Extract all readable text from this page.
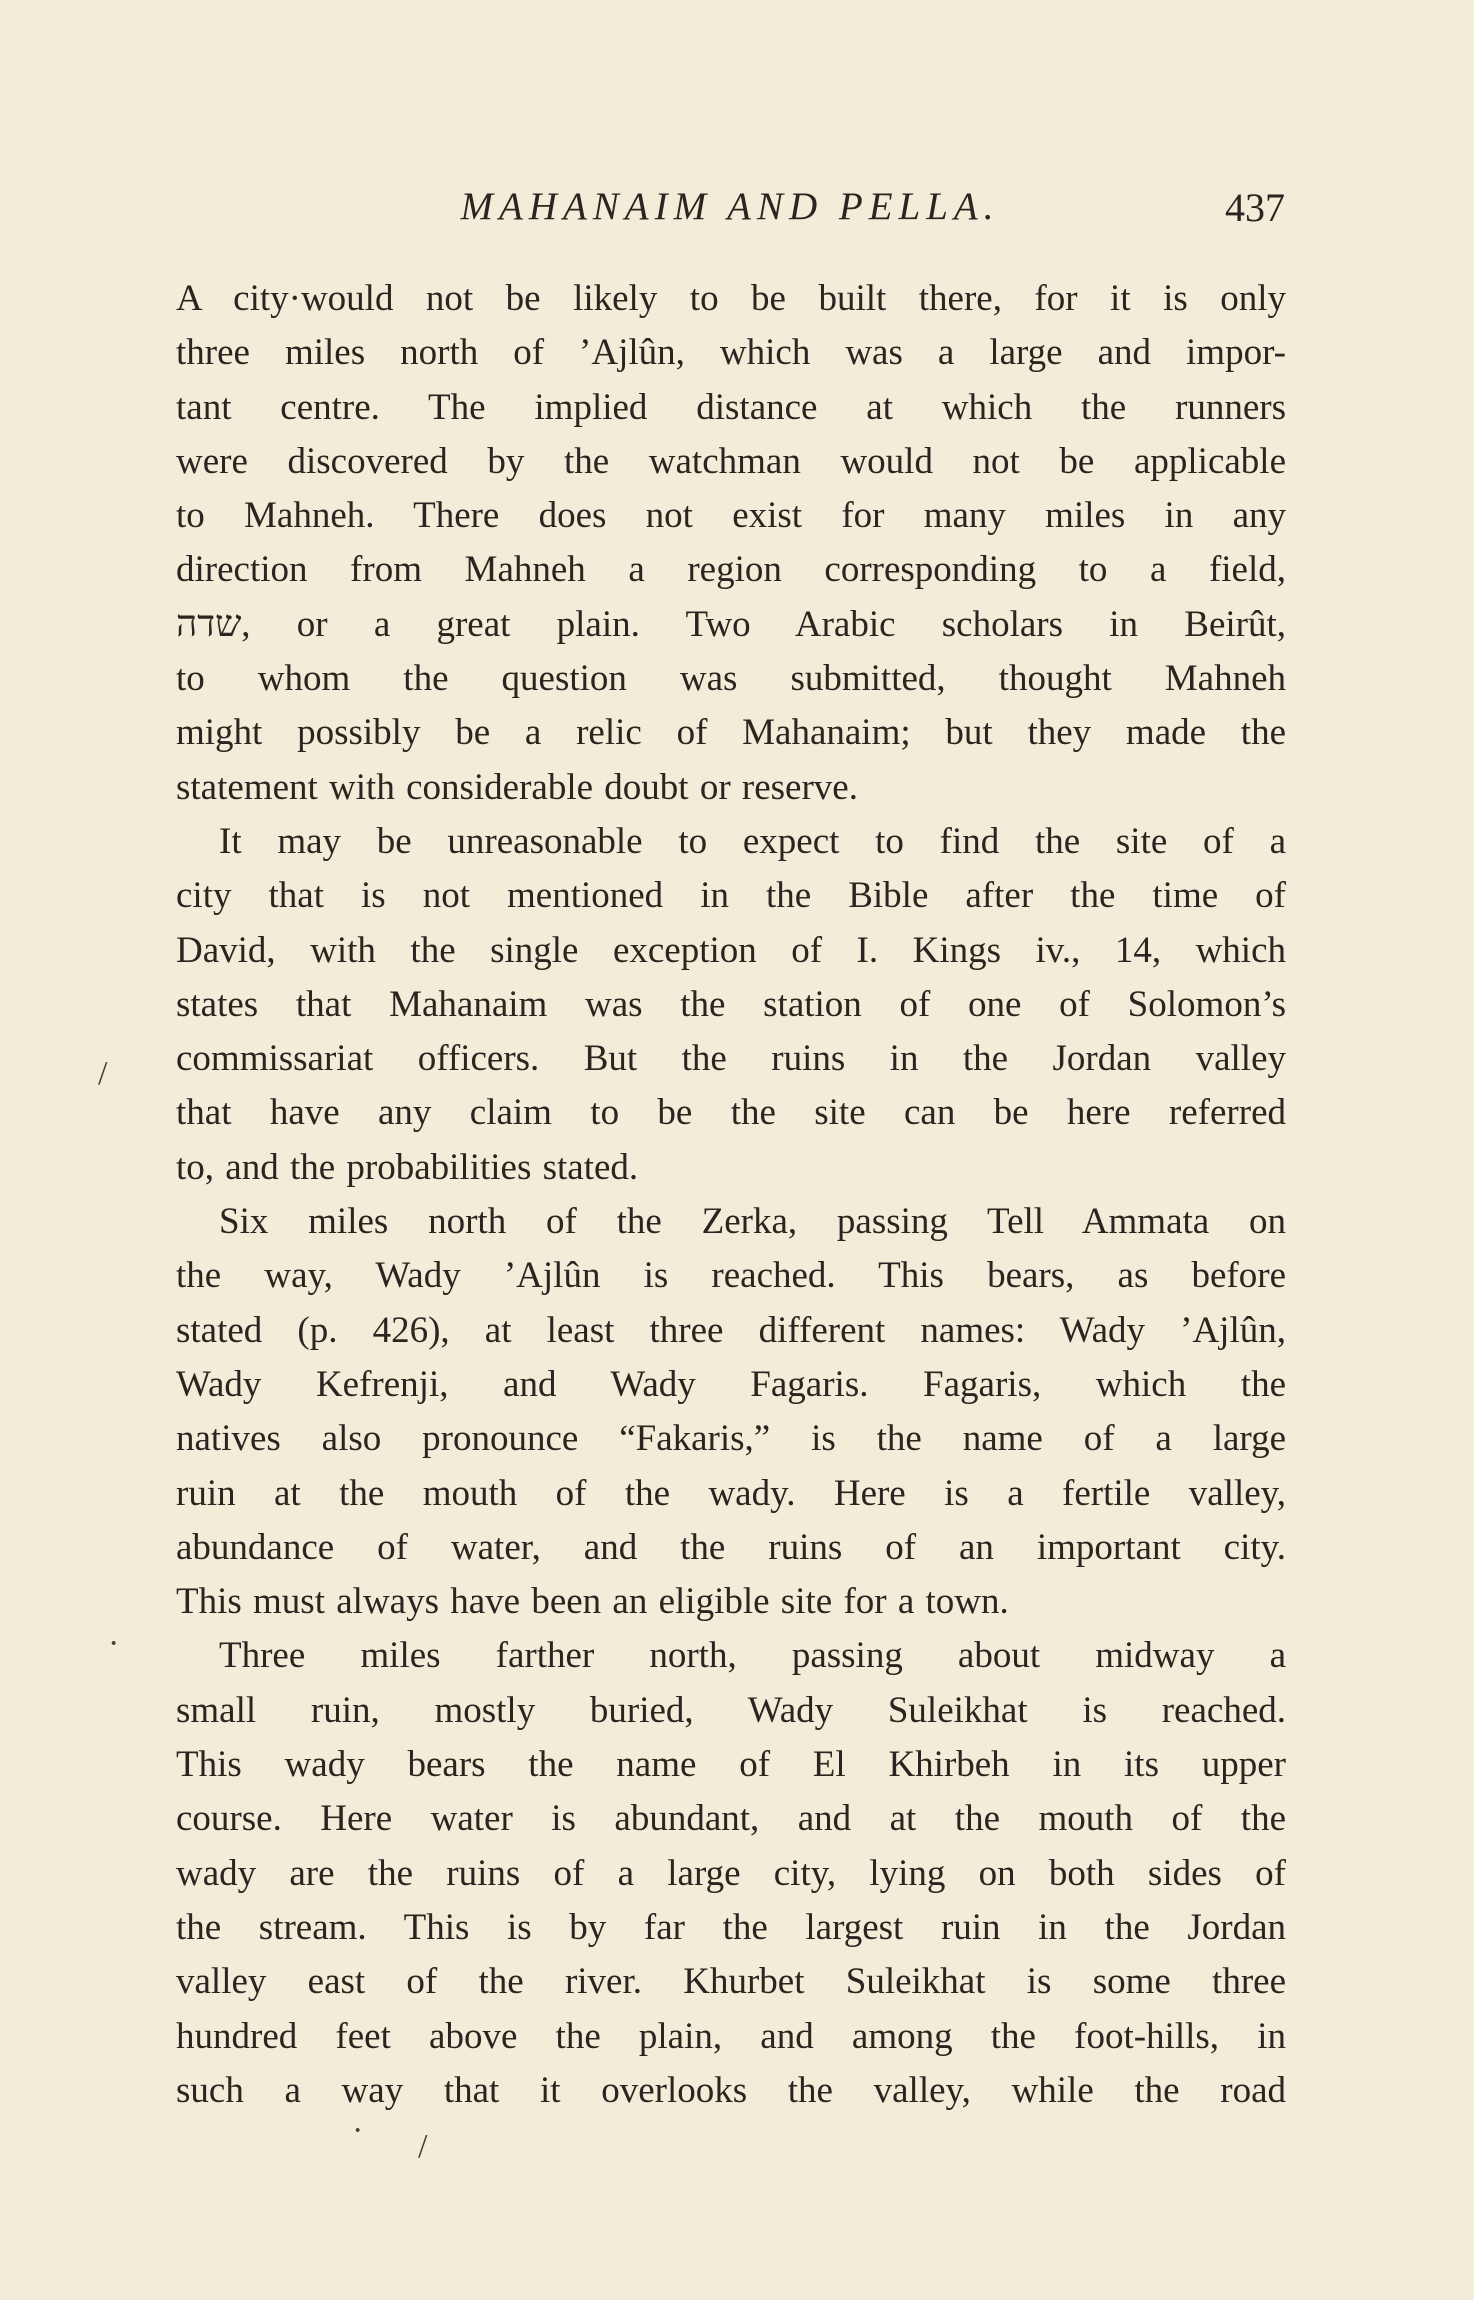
MAHANAIM AND PELLA.	437
A city·would not be likely to be built there, for it is only
three miles north of ’Ajlûn, which was a large and impor-
tant centre. The implied distance at which the runners
were discovered by the watchman would not be applicable
to Mahneh. There does not exist for many miles in any
direction from Mahneh a region corresponding to a field,
שדה, or a great plain. Two Arabic scholars in Beirût,
to whom the question was submitted, thought Mahneh
might possibly be a relic of Mahanaim; but they made the
statement with considerable doubt or reserve.
It may be unreasonable to expect to find the site of a
city that is not mentioned in the Bible after the time of
David, with the single exception of I. Kings iv., 14, which
states that Mahanaim was the station of one of Solomon’s
commissariat officers. But the ruins in the Jordan valley
that have any claim to be the site can be here referred
to, and the probabilities stated.
Six miles north of the Zerka, passing Tell Ammata on
the way, Wady ’Ajlûn is reached. This bears, as before
stated (p. 426), at least three different names: Wady ’Ajlûn,
Wady Kefrenji, and Wady Fagaris. Fagaris, which the
natives also pronounce “Fakaris,” is the name of a large
ruin at the mouth of the wady. Here is a fertile valley,
abundance of water, and the ruins of an important city.
This must always have been an eligible site for a town.
Three miles farther north, passing about midway a
small ruin, mostly buried, Wady Suleikhat is reached.
This wady bears the name of El Khirbeh in its upper
course. Here water is abundant, and at the mouth of the
wady are the ruins of a large city, lying on both sides of
the stream. This is by far the largest ruin in the Jordan
valley east of the river. Khurbet Suleikhat is some three
hundred feet above the plain, and among the foot-hills, in
such a way that it overlooks the valley, while the road
/
·
· /
